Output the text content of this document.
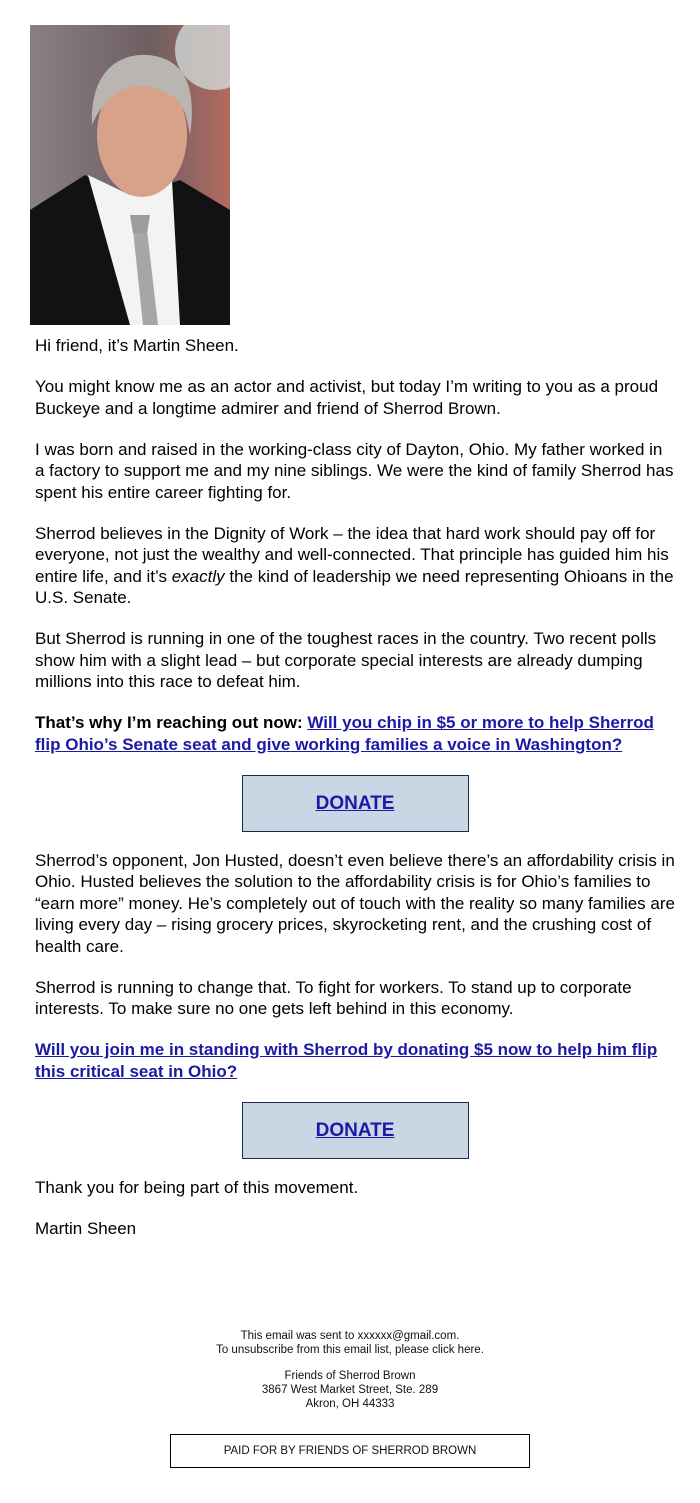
Hi friend, it’s Martin Sheen.

You might know me as an actor and activist, but today I’m writing to you as a proud Buckeye and a longtime admirer and friend of Sherrod Brown.

I was born and raised in the working-class city of Dayton, Ohio. My father worked in a factory to support me and my nine siblings. We were the kind of family Sherrod has spent his entire career fighting for.

Sherrod believes in the Dignity of Work – the idea that hard work should pay off for everyone, not just the wealthy and well-connected. That principle has guided him his entire life, and it’s exactly the kind of leadership we need representing Ohioans in the U.S. Senate.

But Sherrod is running in one of the toughest races in the country. Two recent polls show him with a slight lead – but corporate special interests are already dumping millions into this race to defeat him.

That’s why I’m reaching out now: Will you chip in $5 or more to help Sherrod flip Ohio’s Senate seat and give working families a voice in Washington?

DONATE

Sherrod’s opponent, Jon Husted, doesn’t even believe there’s an affordability crisis in Ohio. Husted believes the solution to the affordability crisis is for Ohio’s families to “earn more” money. He’s completely out of touch with the reality so many families are living every day – rising grocery prices, skyrocketing rent, and the crushing cost of health care.

Sherrod is running to change that. To fight for workers. To stand up to corporate interests. To make sure no one gets left behind in this economy.

Will you join me in standing with Sherrod by donating $5 now to help him flip this critical seat in Ohio?

DONATE

Thank you for being part of this movement.

Martin Sheen

This email was sent to xxxxxx@gmail.com.
To unsubscribe from this email list, please click here.

Friends of Sherrod Brown
3867 West Market Street, Ste. 289
Akron, OH 44333

PAID FOR BY FRIENDS OF SHERROD BROWN
